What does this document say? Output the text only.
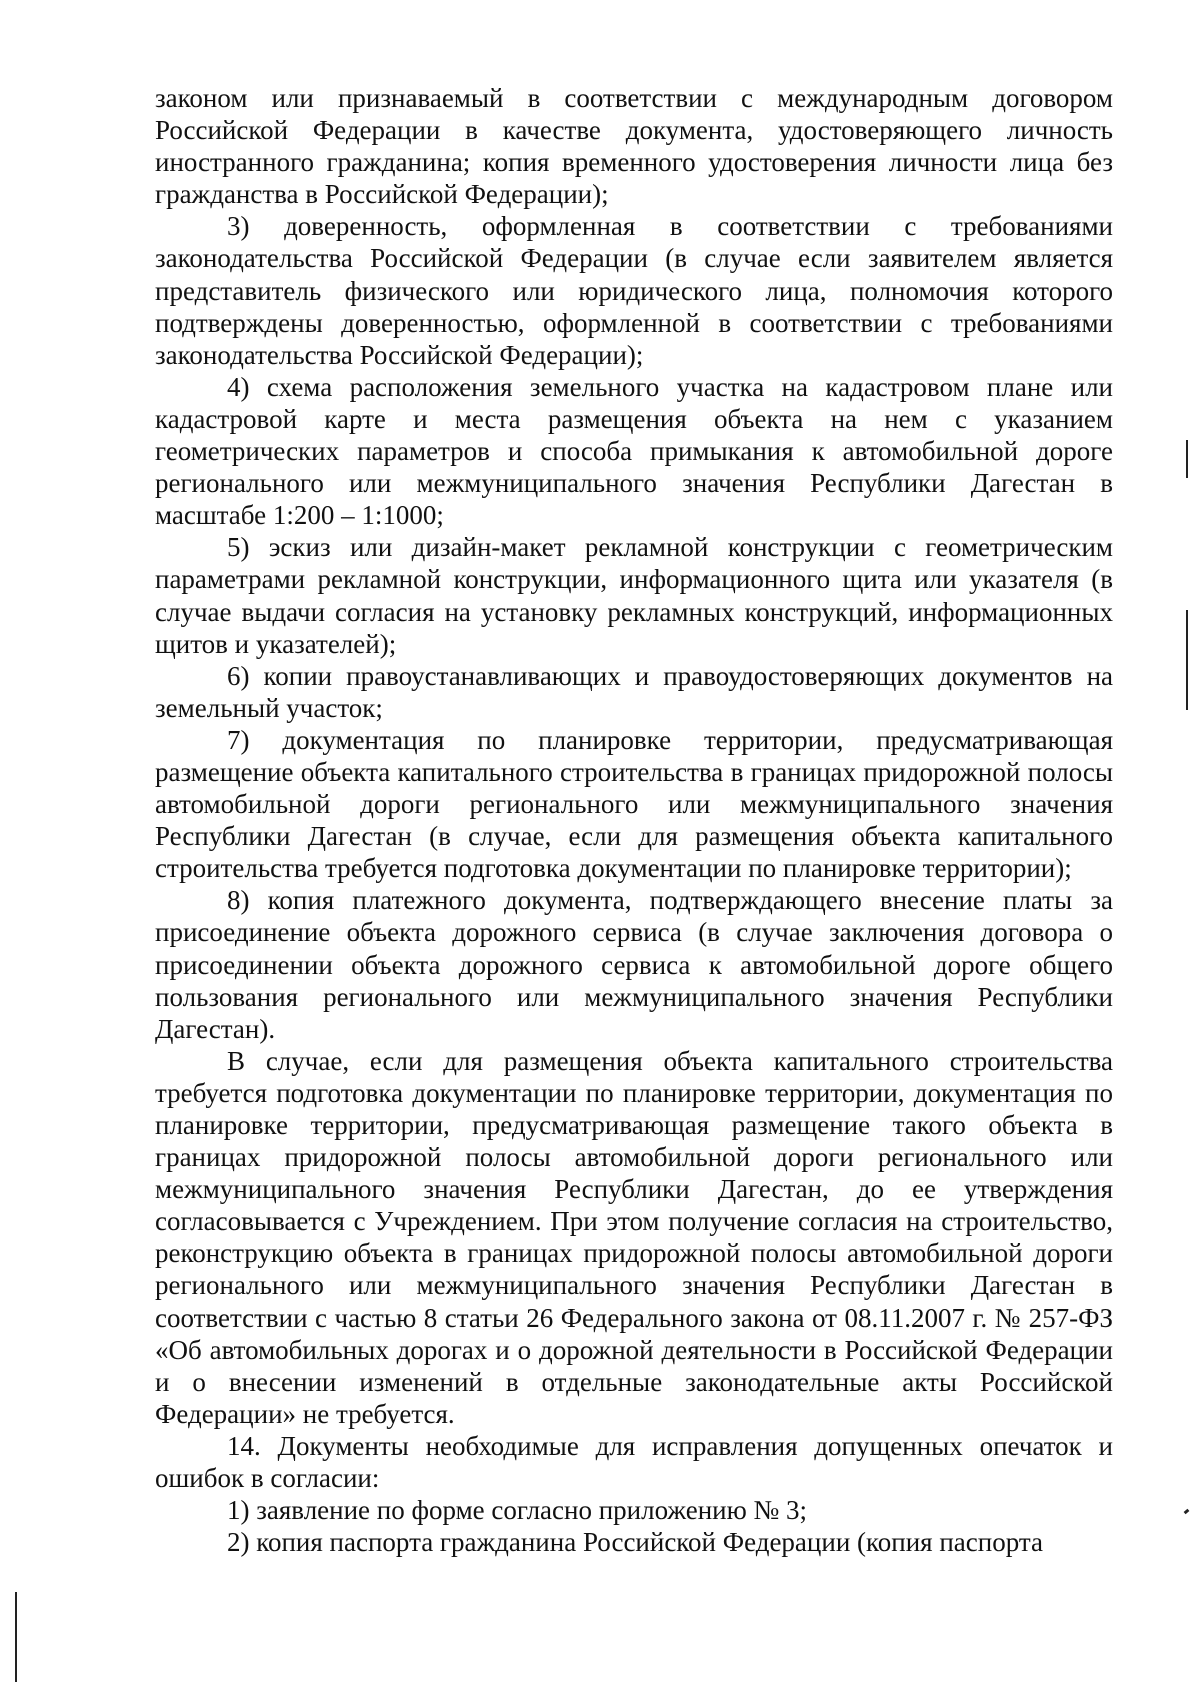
законом или признаваемый в соответствии с международным договором Российской Федерации в качестве документа, удостоверяющего личность иностранного гражданина; копия временного удостоверения личности лица без гражданства в Российской Федерации);

3) доверенность, оформленная в соответствии с требованиями законодательства Российской Федерации (в случае если заявителем является представитель физического или юридического лица, полномочия которого подтверждены доверенностью, оформленной в соответствии с требованиями законодательства Российской Федерации);

4) схема расположения земельного участка на кадастровом плане или кадастровой карте и места размещения объекта на нем с указанием геометрических параметров и способа примыкания к автомобильной дороге регионального или межмуниципального значения Республики Дагестан в масштабе 1:200 – 1:1000;

5) эскиз или дизайн-макет рекламной конструкции с геометрическим параметрами рекламной конструкции, информационного щита или указателя (в случае выдачи согласия на установку рекламных конструкций, информационных щитов и указателей);

6) копии правоустанавливающих и правоудостоверяющих документов на земельный участок;

7) документация по планировке территории, предусматривающая размещение объекта капитального строительства в границах придорожной полосы автомобильной дороги регионального или межмуниципального значения Республики Дагестан (в случае, если для размещения объекта капитального строительства требуется подготовка документации по планировке территории);

8) копия платежного документа, подтверждающего внесение платы за присоединение объекта дорожного сервиса (в случае заключения договора о присоединении объекта дорожного сервиса к автомобильной дороге общего пользования регионального или межмуниципального значения Республики Дагестан).

В случае, если для размещения объекта капитального строительства требуется подготовка документации по планировке территории, документация по планировке территории, предусматривающая размещение такого объекта в границах придорожной полосы автомобильной дороги регионального или межмуниципального значения Республики Дагестан, до ее утверждения согласовывается с Учреждением. При этом получение согласия на строительство, реконструкцию объекта в границах придорожной полосы автомобильной дороги регионального или межмуниципального значения Республики Дагестан в соответствии с частью 8 статьи 26 Федерального закона от 08.11.2007 г. № 257-ФЗ «Об автомобильных дорогах и о дорожной деятельности в Российской Федерации и о внесении изменений в отдельные законодательные акты Российской Федерации» не требуется.

14. Документы необходимые для исправления допущенных опечаток и ошибок в согласии:

1) заявление по форме согласно приложению № 3;

2) копия паспорта гражданина Российской Федерации (копия паспорта
